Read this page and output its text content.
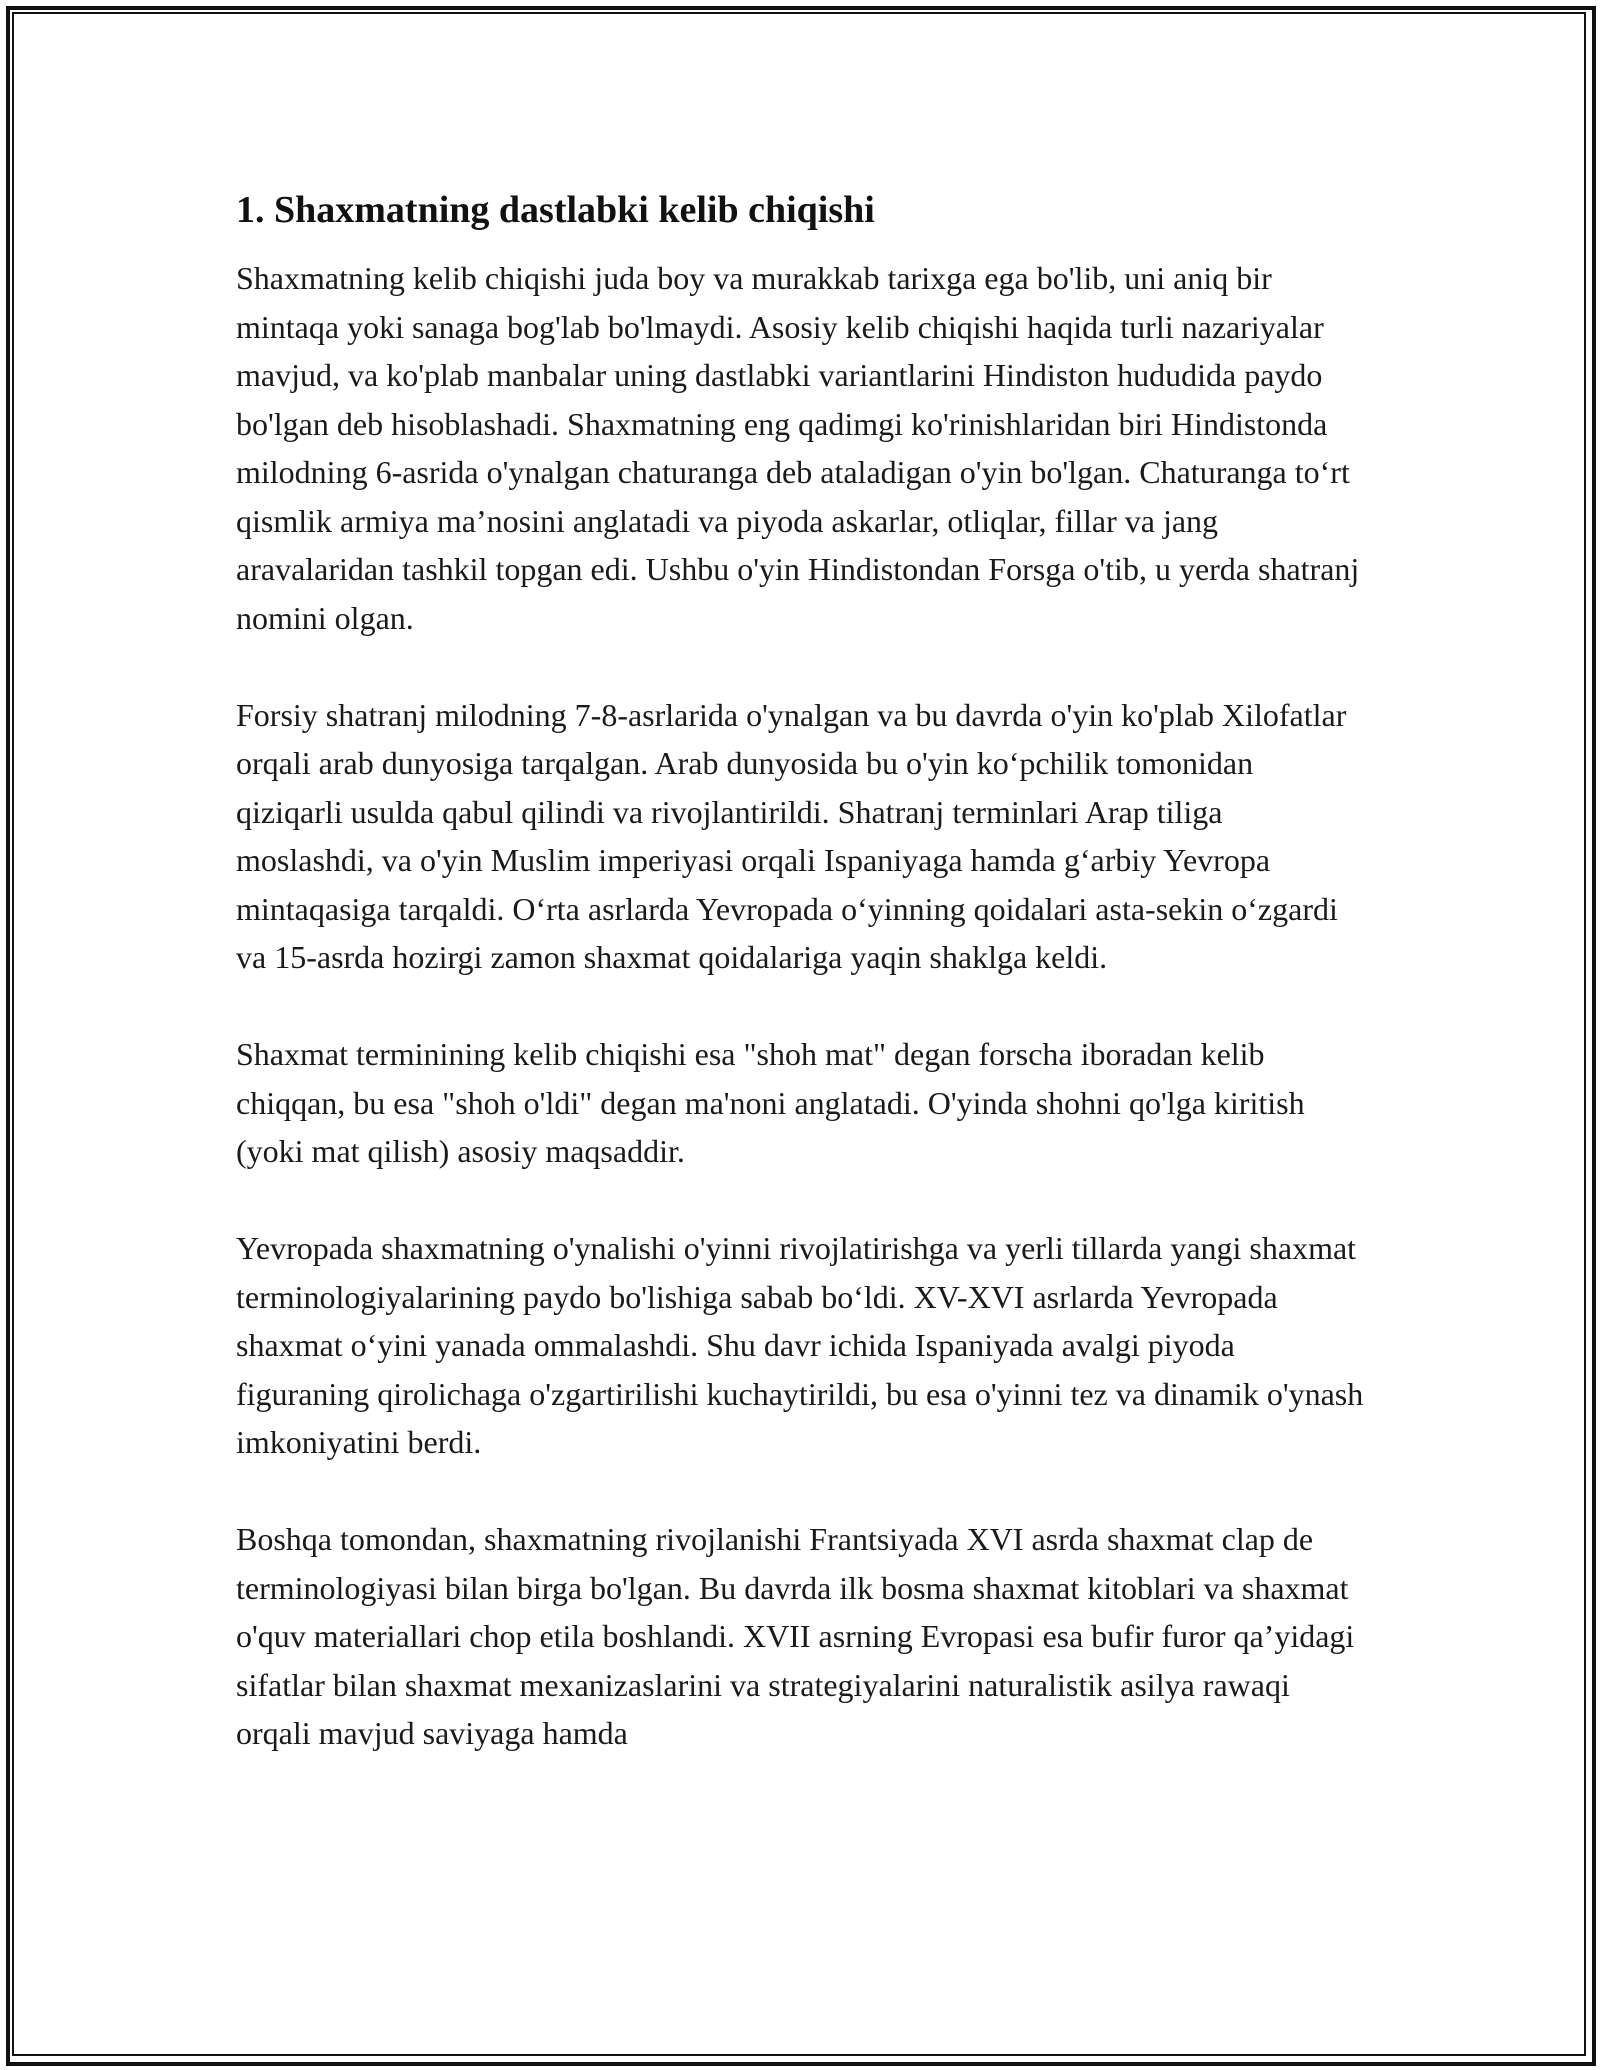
1. Shaxmatning dastlabki kelib chiqishi

Shaxmatning kelib chiqishi juda boy va murakkab tarixga ega bo'lib, uni aniq bir mintaqa yoki sanaga bog'lab bo'lmaydi. Asosiy kelib chiqishi haqida turli nazariyalar mavjud, va ko'plab manbalar uning dastlabki variantlarini Hindiston hududida paydo bo'lgan deb hisoblashadi. Shaxmatning eng qadimgi ko'rinishlaridan biri Hindistonda milodning 6-asrida o'ynalgan chaturanga deb ataladigan o'yin bo'lgan. Chaturanga to‘rt qismlik armiya ma’nosini anglatadi va piyoda askarlar, otliqlar, fillar va jang aravalaridan tashkil topgan edi. Ushbu o'yin Hindistondan Forsga o'tib, u yerda shatranj nomini olgan.

Forsiy shatranj milodning 7-8-asrlarida o'ynalgan va bu davrda o'yin ko'plab Xilofatlar orqali arab dunyosiga tarqalgan. Arab dunyosida bu o'yin ko‘pchilik tomonidan qiziqarli usulda qabul qilindi va rivojlantirildi. Shatranj terminlari Arap tiliga moslashdi, va o'yin Muslim imperiyasi orqali Ispaniyaga hamda g‘arbiy Yevropa mintaqasiga tarqaldi. O‘rta asrlarda Yevropada o‘yinning qoidalari asta-sekin o‘zgardi va 15-asrda hozirgi zamon shaxmat qoidalariga yaqin shaklga keldi.

Shaxmat terminining kelib chiqishi esa "shoh mat" degan forscha iboradan kelib chiqqan, bu esa "shoh o'ldi" degan ma'noni anglatadi. O'yinda shohni qo'lga kiritish (yoki mat qilish) asosiy maqsaddir.

Yevropada shaxmatning o'ynalishi o'yinni rivojlatirishga va yerli tillarda yangi shaxmat terminologiyalarining paydo bo'lishiga sabab bo‘ldi. XV-XVI asrlarda Yevropada shaxmat o‘yini yanada ommalashdi. Shu davr ichida Ispaniyada avalgi piyoda figuraning qirolichaga o'zgartirilishi kuchaytirildi, bu esa o'yinni tez va dinamik o'ynash imkoniyatini berdi.

Boshqa tomondan, shaxmatning rivojlanishi Frantsiyada XVI asrda shaxmat clap de terminologiyasi bilan birga bo'lgan. Bu davrda ilk bosma shaxmat kitoblari va shaxmat o'quv materiallari chop etila boshlandi. XVII asrning Evropasi esa bufir furor qa’yidagi sifatlar bilan shaxmat mexanizaslarini va strategiyalarini naturalistik asilya rawaqi orqali mavjud saviyaga hamda
